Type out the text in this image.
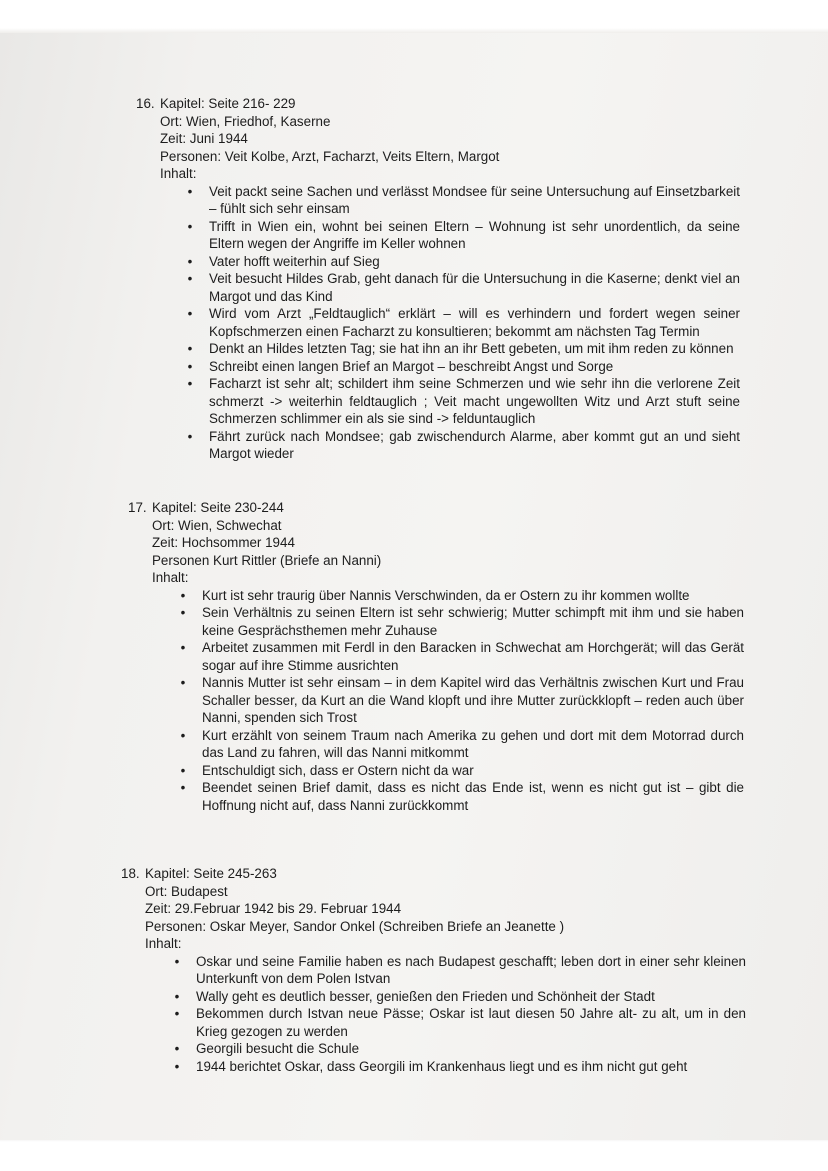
16. Kapitel: Seite 216- 229
Ort: Wien, Friedhof, Kaserne
Zeit: Juni 1944
Personen: Veit Kolbe, Arzt, Facharzt, Veits Eltern, Margot
Inhalt:
• Veit packt seine Sachen und verlässt Mondsee für seine Untersuchung auf Einsetzbarkeit – fühlt sich sehr einsam
• Trifft in Wien ein, wohnt bei seinen Eltern – Wohnung ist sehr unordentlich, da seine Eltern wegen der Angriffe im Keller wohnen
• Vater hofft weiterhin auf Sieg
• Veit besucht Hildes Grab, geht danach für die Untersuchung in die Kaserne; denkt viel an Margot und das Kind
• Wird vom Arzt „Feldtauglich“ erklärt – will es verhindern und fordert wegen seiner Kopfschmerzen einen Facharzt zu konsultieren; bekommt am nächsten Tag Termin
• Denkt an Hildes letzten Tag; sie hat ihn an ihr Bett gebeten, um mit ihm reden zu können
• Schreibt einen langen Brief an Margot – beschreibt Angst und Sorge
• Facharzt ist sehr alt; schildert ihm seine Schmerzen und wie sehr ihn die verlorene Zeit schmerzt -> weiterhin feldtauglich ; Veit macht ungewollten Witz und Arzt stuft seine Schmerzen schlimmer ein als sie sind -> felduntauglich
• Fährt zurück nach Mondsee; gab zwischendurch Alarme, aber kommt gut an und sieht Margot wieder
17. Kapitel: Seite 230-244
Ort: Wien, Schwechat
Zeit: Hochsommer 1944
Personen Kurt Rittler (Briefe an Nanni)
Inhalt:
• Kurt ist sehr traurig über Nannis Verschwinden, da er Ostern zu ihr kommen wollte
• Sein Verhältnis zu seinen Eltern ist sehr schwierig; Mutter schimpft mit ihm und sie haben keine Gesprächsthemen mehr Zuhause
• Arbeitet zusammen mit Ferdl in den Baracken in Schwechat am Horchgerät; will das Gerät sogar auf ihre Stimme ausrichten
• Nannis Mutter ist sehr einsam – in dem Kapitel wird das Verhältnis zwischen Kurt und Frau Schaller besser, da Kurt an die Wand klopft und ihre Mutter zurückklopft – reden auch über Nanni, spenden sich Trost
• Kurt erzählt von seinem Traum nach Amerika zu gehen und dort mit dem Motorrad durch das Land zu fahren, will das Nanni mitkommt
• Entschuldigt sich, dass er Ostern nicht da war
• Beendet seinen Brief damit, dass es nicht das Ende ist, wenn es nicht gut ist – gibt die Hoffnung nicht auf, dass Nanni zurückkommt
18. Kapitel: Seite 245-263
Ort: Budapest
Zeit: 29.Februar 1942 bis 29. Februar 1944
Personen: Oskar Meyer, Sandor Onkel (Schreiben Briefe an Jeanette )
Inhalt:
• Oskar und seine Familie haben es nach Budapest geschafft; leben dort in einer sehr kleinen Unterkunft von dem Polen Istvan
• Wally geht es deutlich besser, genießen den Frieden und Schönheit der Stadt
• Bekommen durch Istvan neue Pässe; Oskar ist laut diesen 50 Jahre alt- zu alt, um in den Krieg gezogen zu werden
• Georgili besucht die Schule
• 1944 berichtet Oskar, dass Georgili im Krankenhaus liegt und es ihm nicht gut geht
